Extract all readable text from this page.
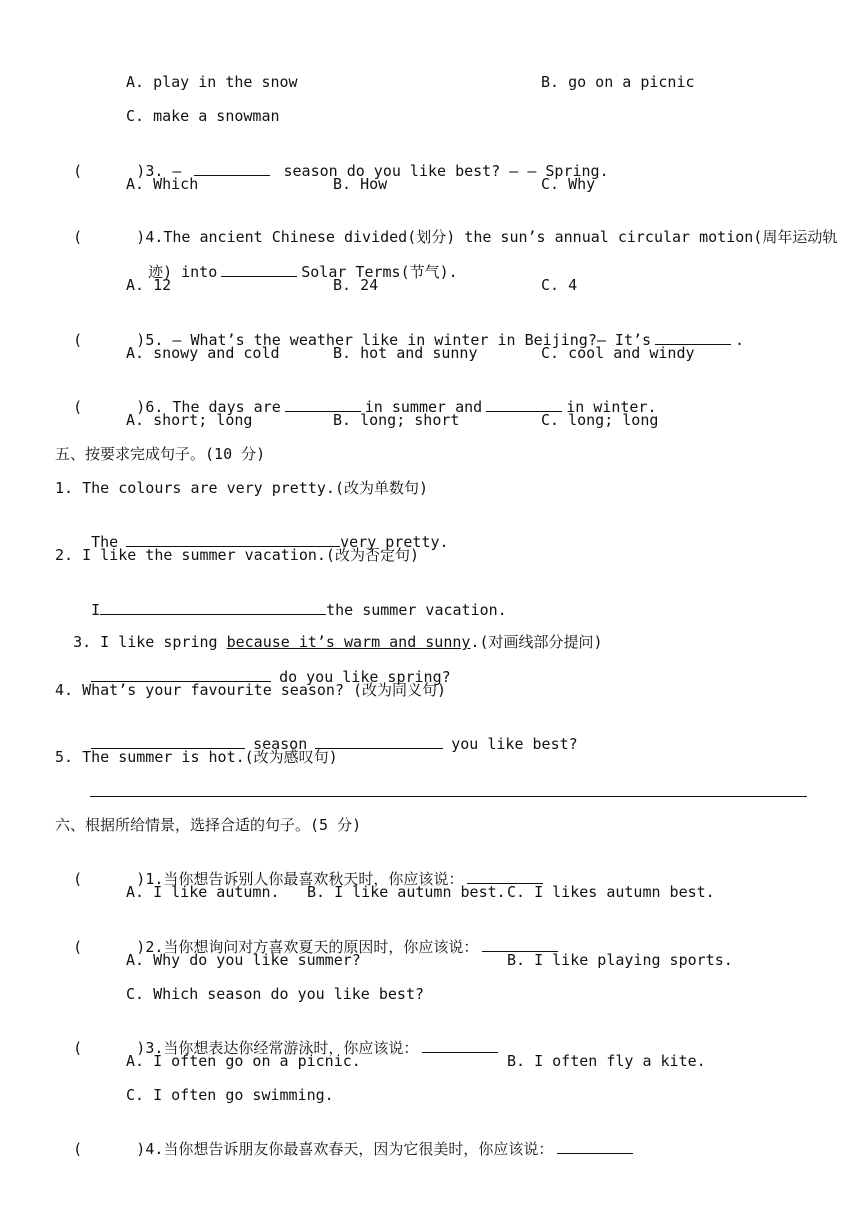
A. play in the snow	B. go on a picnic
C. make a snowman

(      )3. —	season do you like best? — — Spring.

A. Which	B. How	C. Why

(      )4.The ancient Chinese divided(划分) the sun’s annual circular motion(周年运动轨

迹) into	Solar Terms(节气).

A. 12	B. 24	C. 4

(      )5. — What’s the weather like in winter in Beijing?— It’s	.

A. snowy and cold	B. hot and sunny	C. cool and windy

(      )6. The days are	in summer and	in winter.

A. short; long	B. long; short	C. long; long
五、按要求完成句子。(10 分)
1. The colours are very pretty.(改为单数句)

The	very pretty.

2. I like the summer vacation.(改为否定句)

I	the summer vacation.

3. I like spring because it’s warm and sunny.(对画线部分提问)

do you like spring?

4. What’s your favourite season? (改为同义句)

season	you like best?

5. The summer is hot.(改为感叹句)
六、根据所给情景，选择合适的句子。(5 分)

(      )1.当你想告诉别人你最喜欢秋天时，你应该说：

A. I like autumn. B. I like autumn best. C. I likes autumn best.

(      )2.当你想询问对方喜欢夏天的原因时，你应该说：

A. Why do you like summer?	B. I like playing sports.
C. Which season do you like best?

(      )3.当你想表达你经常游泳时，你应该说：

A. I often go on a picnic.	B. I often fly a kite.
C. I often go swimming.

(      )4.当你想告诉朋友你最喜欢春天，因为它很美时，你应该说：
